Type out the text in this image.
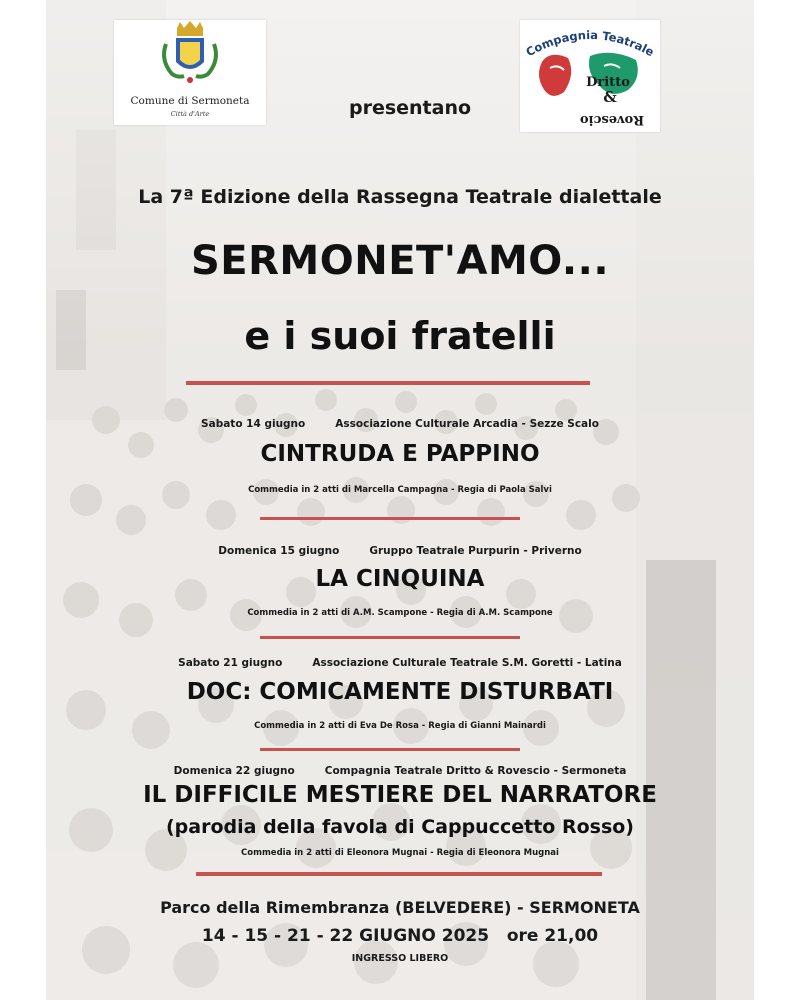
Comune di Sermoneta
Città d'Arte
Compagnia Teatrale
Dritto
&
Rovescio
presentano
La 7ª Edizione della Rassegna Teatrale dialettale
SERMONET'AMO...
e i suoi fratelli
Sabato 14 giugno	Associazione Culturale Arcadia - Sezze Scalo
CINTRUDA E PAPPINO
Commedia in 2 atti di Marcella Campagna - Regia di Paola Salvi
Domenica 15 giugno	Gruppo Teatrale Purpurin - Priverno
LA CINQUINA
Commedia in 2 atti di A.M. Scampone - Regia di A.M. Scampone
Sabato 21 giugno	Associazione Culturale Teatrale S.M. Goretti - Latina
DOC: COMICAMENTE DISTURBATI
Commedia in 2 atti di Eva De Rosa - Regia di Gianni Mainardi
Domenica 22 giugno	Compagnia Teatrale Dritto & Rovescio - Sermoneta
IL DIFFICILE MESTIERE DEL NARRATORE
(parodia della favola di Cappuccetto Rosso)
Commedia in 2 atti di Eleonora Mugnai - Regia di Eleonora Mugnai
Parco della Rimembranza (BELVEDERE) - SERMONETA
14 - 15 - 21 - 22 GIUGNO 2025   ore 21,00
INGRESSO LIBERO
